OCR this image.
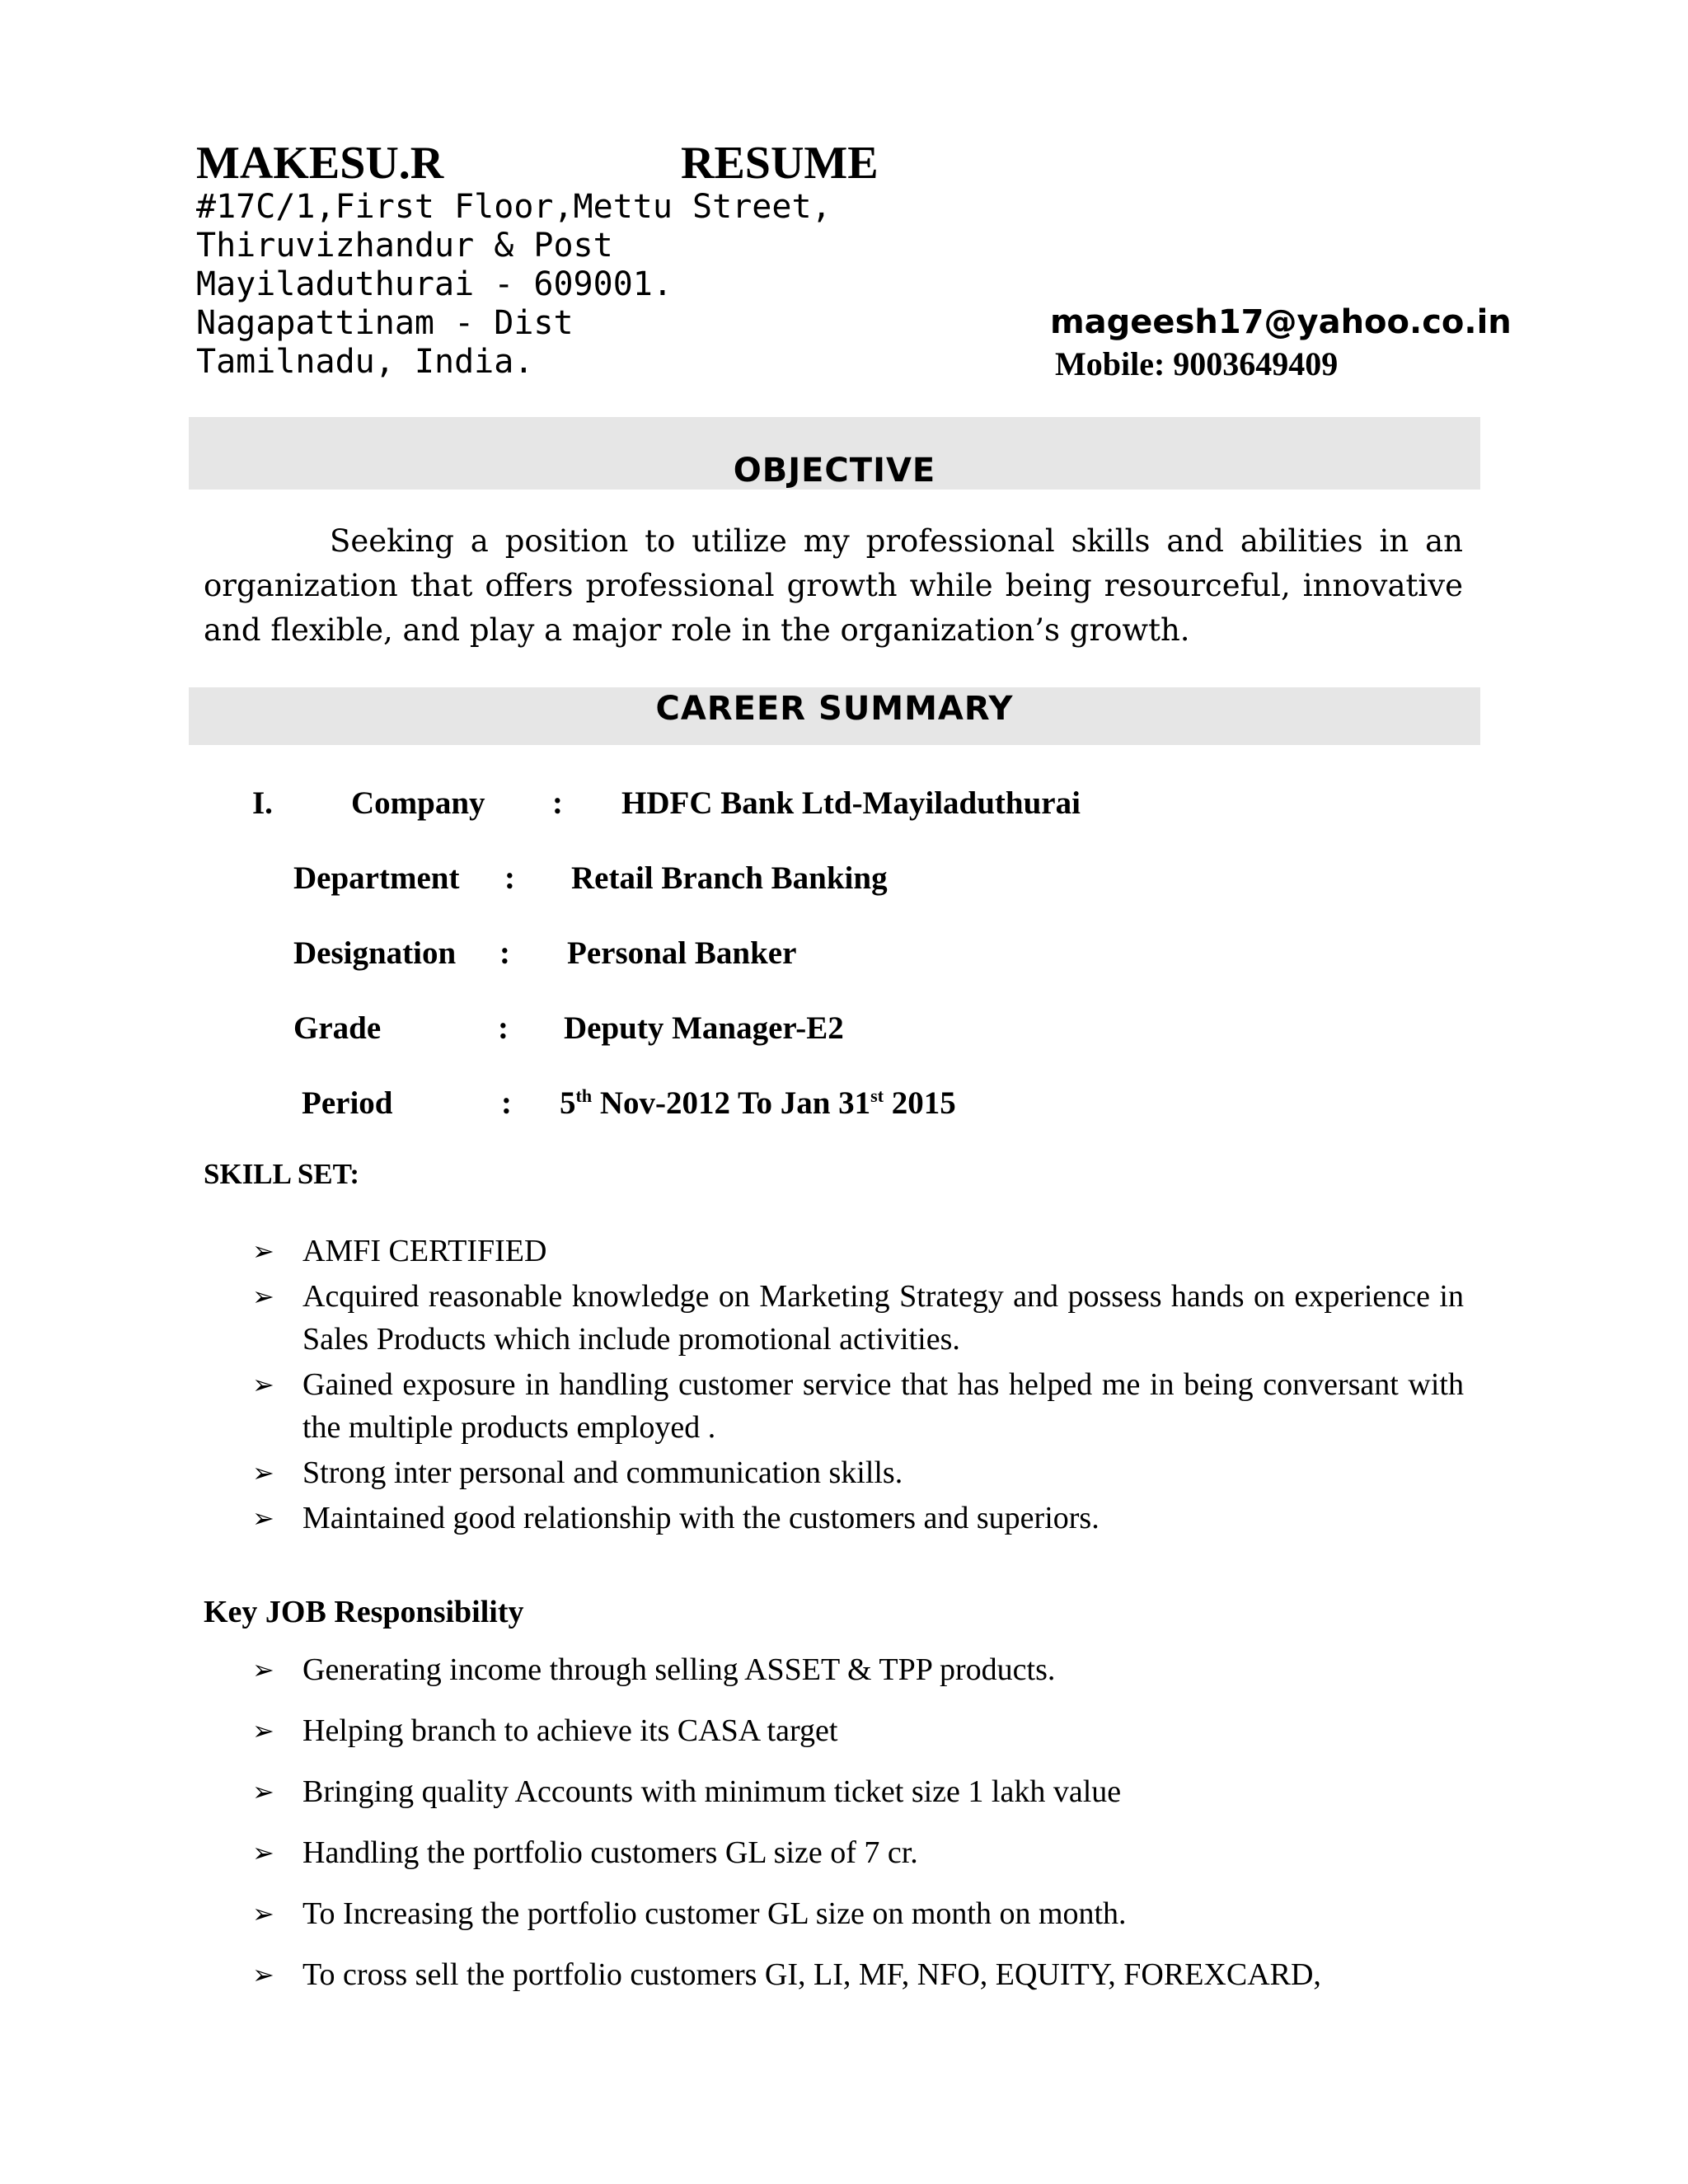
MAKESU.R	RESUME
#17C/1,First Floor,Mettu Street,
Thiruvizhandur & Post
Mayiladuthurai - 609001.
Nagapattinam - Dist
Tamilnadu, India.
mageesh17@yahoo.co.in
Mobile: 9003649409
OBJECTIVE

Seeking a position to utilize my professional skills and abilities in an organization that offers professional growth while being resourceful, innovative and flexible, and play a major role in the organization’s growth.

CAREER SUMMARY
I. Company : HDFC Bank Ltd-Mayiladuthurai
Department : Retail Branch Banking
Designation : Personal Banker
Grade	: Deputy Manager-E2
Period	: 5th Nov-2012 To Jan 31st 2015
SKILL SET:
➢ AMFI CERTIFIED
➢ Acquired reasonable knowledge on Marketing Strategy and possess hands on experience in Sales Products which include promotional activities.
➢ Gained exposure in handling customer service that has helped me in being conversant with the multiple products employed .
➢ Strong inter personal and communication skills.
➢ Maintained good relationship with the customers and superiors.
Key JOB Responsibility
➢ Generating income through selling ASSET & TPP products.
➢ Helping branch to achieve its CASA target
➢ Bringing quality Accounts with minimum ticket size 1 lakh value
➢ Handling the portfolio customers GL size of 7 cr.
➢ To Increasing the portfolio customer GL size on month on month.
➢ To cross sell the portfolio customers GI, LI, MF, NFO, EQUITY, FOREXCARD,
